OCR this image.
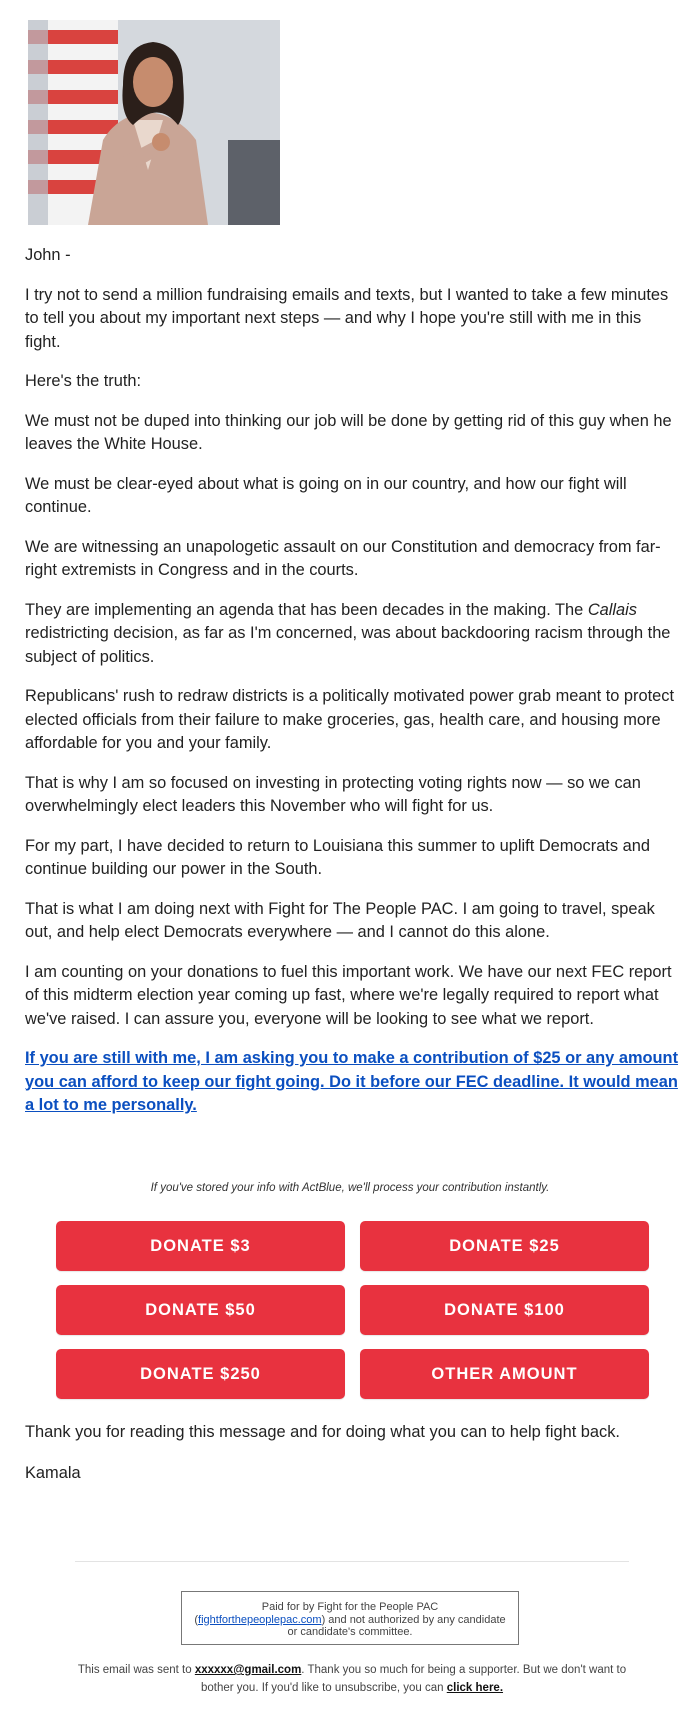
John -

I try not to send a million fundraising emails and texts, but I wanted to take a few minutes to tell you about my important next steps — and why I hope you're still with me in this fight.

Here's the truth:

We must not be duped into thinking our job will be done by getting rid of this guy when he leaves the White House.

We must be clear-eyed about what is going on in our country, and how our fight will continue.

We are witnessing an unapologetic assault on our Constitution and democracy from far-right extremists in Congress and in the courts.

They are implementing an agenda that has been decades in the making. The Callais redistricting decision, as far as I'm concerned, was about backdooring racism through the subject of politics.

Republicans' rush to redraw districts is a politically motivated power grab meant to protect elected officials from their failure to make groceries, gas, health care, and housing more affordable for you and your family.

That is why I am so focused on investing in protecting voting rights now — so we can overwhelmingly elect leaders this November who will fight for us.

For my part, I have decided to return to Louisiana this summer to uplift Democrats and continue building our power in the South.

That is what I am doing next with Fight for The People PAC. I am going to travel, speak out, and help elect Democrats everywhere — and I cannot do this alone.

I am counting on your donations to fuel this important work. We have our next FEC report of this midterm election year coming up fast, where we're legally required to report what we've raised. I can assure you, everyone will be looking to see what we report.

If you are still with me, I am asking you to make a contribution of $25 or any amount you can afford to keep our fight going. Do it before our FEC deadline. It would mean a lot to me personally.

If you've stored your info with ActBlue, we'll process your contribution instantly.
DONATE $3	DONATE $25
DONATE $50	DONATE $100
DONATE $250	OTHER AMOUNT

Thank you for reading this message and for doing what you can to help fight back.

Kamala

Paid for by Fight for the People PAC
(fightforthepeoplepac.com) and not authorized by any candidate or candidate's committee.
This email was sent to xxxxxx@gmail.com. Thank you so much for being a supporter. But we don't want to bother you. If you'd like to unsubscribe, you can click here.
